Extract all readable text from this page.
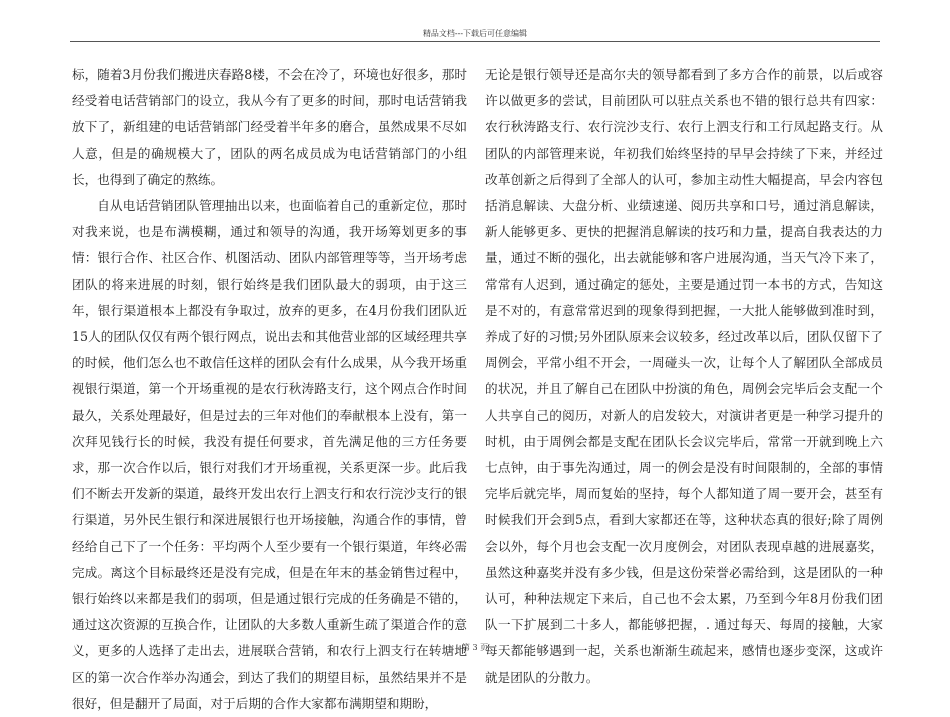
精品文档---下载后可任意编辑

标，随着3月份我们搬进庆春路8楼，不会在冷了，环境也好很多，那时经受着电话营销部门的设立，我从今有了更多的时间，那时电话营销我放下了，新组建的电话营销部门经受着半年多的磨合，虽然成果不尽如人意，但是的确规模大了，团队的两名成员成为电话营销部门的小组长，也得到了确定的熬练。

自从电话营销团队管理抽出以来，也面临着自己的重新定位，那时对我来说，也是布满模糊，通过和领导的沟通，我开场筹划更多的事情：银行合作、社区合作、机图活动、团队内部管理等等，当开场考虑团队的将来进展的时刻，银行始终是我们团队最大的弱项，由于这三年，银行渠道根本上都没有争取过，放弃的更多，在4月份我们团队近15人的团队仅仅有两个银行网点，说出去和其他营业部的区域经理共享的时候，他们怎么也不敢信任这样的团队会有什么成果，从今我开场重视银行渠道，第一个开场重视的是农行秋涛路支行，这个网点合作时间最久，关系处理最好，但是过去的三年对他们的奉献根本上没有，第一次拜见钱行长的时候，我没有提任何要求，首先满足他的三方任务要求，那一次合作以后，银行对我们才开场重视，关系更深一步。此后我们不断去开发新的渠道，最终开发出农行上泗支行和农行浣沙支行的银行渠道，另外民生银行和深进展银行也开场接触，沟通合作的事情，曾经给自己下了一个任务：平均两个人至少要有一个银行渠道，年终必需完成。离这个目标最终还是没有完成，但是在年末的基金销售过程中，银行始终以来都是我们的弱项，但是通过银行完成的任务确是不错的，通过这次资源的互换合作，让团队的大多数人重新生疏了渠道合作的意义，更多的人选择了走出去，进展联合营销，和农行上泗支行在转塘地区的第一次合作举办沟通会，到达了我们的期望目标，虽然结果并不是很好，但是翻开了局面，对于后期的合作大家都布满期望和期盼，

无论是银行领导还是高尔夫的领导都看到了多方合作的前景，以后或容许以做更多的尝试，目前团队可以驻点关系也不错的银行总共有四家：农行秋涛路支行、农行浣沙支行、农行上泗支行和工行凤起路支行。从团队的内部管理来说，年初我们始终坚持的早早会持续了下来，并经过改革创新之后得到了全部人的认可，参加主动性大幅提高，早会内容包括消息解读、大盘分析、业绩速递、阅历共享和口号，通过消息解读，新人能够更多、更快的把握消息解读的技巧和力量，提高自我表达的力量，通过不断的强化，出去就能够和客户进展沟通，当天气冷下来了，常常有人迟到，通过确定的惩处，主要是通过罚一本书的方式，告知这是不对的，有意常常迟到的现象得到把握，一大批人能够做到准时到，养成了好的习惯;另外团队原来会议较多，经过改革以后，团队仅留下了周例会，平常小组不开会，一周碰头一次，让每个人了解团队全部成员的状况，并且了解自己在团队中扮演的角色，周例会完毕后会支配一个人共享自己的阅历，对新人的启发较大，对演讲者更是一种学习提升的时机，由于周例会都是支配在团队长会议完毕后，常常一开就到晚上六七点钟，由于事先沟通过，周一的例会是没有时间限制的，全部的事情完毕后就完毕，周而复始的坚持，每个人都知道了周一要开会，甚至有时候我们开会到5点，看到大家都还在等，这种状态真的很好;除了周例会以外，每个月也会支配一次月度例会，对团队表现卓越的进展嘉奖，虽然这种嘉奖并没有多少钱，但是这份荣誉必需给到，这是团队的一种认可，种种法规定下来后，自己也不会太累，乃至到今年8月份我们团队一下扩展到二十多人，都能够把握，. 通过每天、每周的接触，大家每天都能够遇到一起，关系也渐渐生疏起来，感情也逐步变深，这或许就是团队的分散力。

第 3 页
